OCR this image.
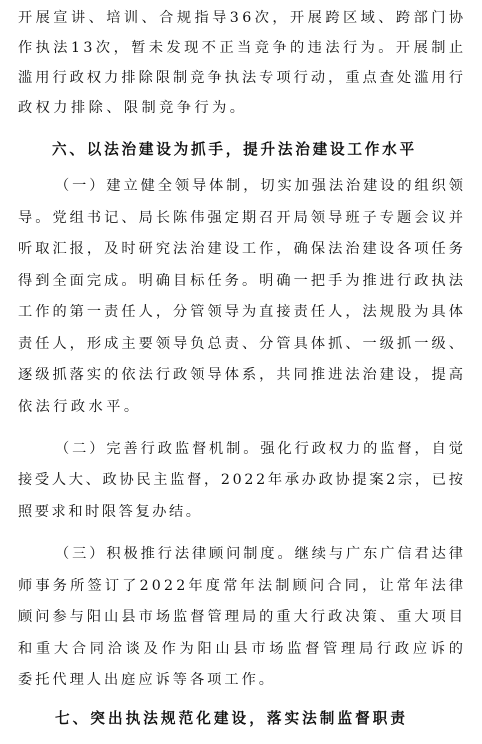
开展宣讲、培训、合规指导36次，开展跨区域、跨部门协
作执法13次，暂未发现不正当竞争的违法行为。开展制止
滥用行政权力排除限制竞争执法专项行动，重点查处滥用行
政权力排除、限制竞争行为。
六、以法治建设为抓手，提升法治建设工作水平
（一）建立健全领导体制，切实加强法治建设的组织领
导。党组书记、局长陈伟强定期召开局领导班子专题会议并
听取汇报，及时研究法治建设工作，确保法治建设各项任务
得到全面完成。明确目标任务。明确一把手为推进行政执法
工作的第一责任人，分管领导为直接责任人，法规股为具体
责任人，形成主要领导负总责、分管具体抓、一级抓一级、
逐级抓落实的依法行政领导体系，共同推进法治建设，提高
依法行政水平。
（二）完善行政监督机制。强化行政权力的监督，自觉
接受人大、政协民主监督，2022年承办政协提案2宗，已按
照要求和时限答复办结。
（三）积极推行法律顾问制度。继续与广东广信君达律
师事务所签订了2022年度常年法制顾问合同，让常年法律
顾问参与阳山县市场监督管理局的重大行政决策、重大项目
和重大合同洽谈及作为阳山县市场监督管理局行政应诉的
委托代理人出庭应诉等各项工作。
七、突出执法规范化建设，落实法制监督职责
